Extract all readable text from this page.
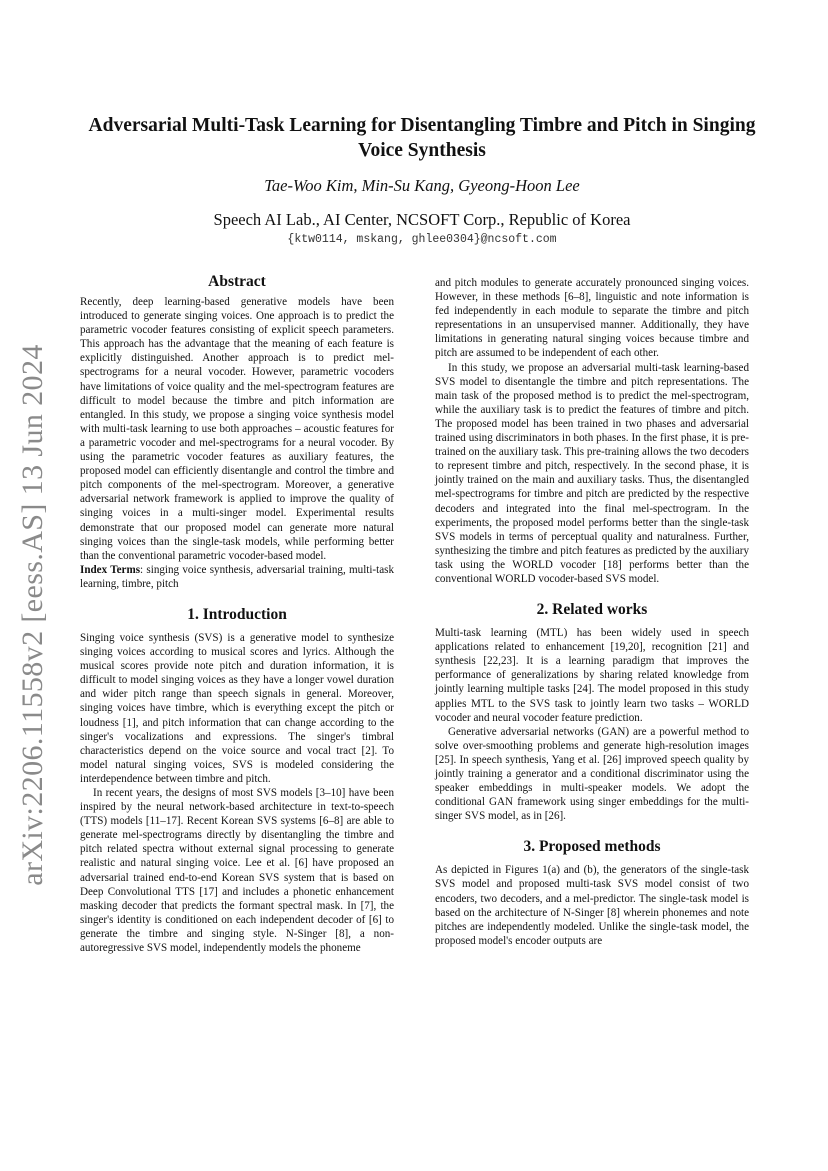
arXiv:2206.11558v2 [eess.AS] 13 Jun 2024
Adversarial Multi-Task Learning for Disentangling Timbre and Pitch in Singing Voice Synthesis

Tae-Woo Kim, Min-Su Kang, Gyeong-Hoon Lee

Speech AI Lab., AI Center, NCSOFT Corp., Republic of Korea

{ktw0114, mskang, ghlee0304}@ncsoft.com

Abstract

Recently, deep learning-based generative models have been introduced to generate singing voices. One approach is to predict the parametric vocoder features consisting of explicit speech parameters. This approach has the advantage that the meaning of each feature is explicitly distinguished. Another approach is to predict mel-spectrograms for a neural vocoder. However, parametric vocoders have limitations of voice quality and the mel-spectrogram features are difficult to model because the timbre and pitch information are entangled. In this study, we propose a singing voice synthesis model with multi-task learning to use both approaches – acoustic features for a parametric vocoder and mel-spectrograms for a neural vocoder. By using the parametric vocoder features as auxiliary features, the proposed model can efficiently disentangle and control the timbre and pitch components of the mel-spectrogram. Moreover, a generative adversarial network framework is applied to improve the quality of singing voices in a multi-singer model. Experimental results demonstrate that our proposed model can generate more natural singing voices than the single-task models, while performing better than the conventional parametric vocoder-based model.

Index Terms: singing voice synthesis, adversarial training, multi-task learning, timbre, pitch

1. Introduction

Singing voice synthesis (SVS) is a generative model to synthesize singing voices according to musical scores and lyrics. Although the musical scores provide note pitch and duration information, it is difficult to model singing voices as they have a longer vowel duration and wider pitch range than speech signals in general. Moreover, singing voices have timbre, which is everything except the pitch or loudness [1], and pitch information that can change according to the singer's vocalizations and expressions. The singer's timbral characteristics depend on the voice source and vocal tract [2]. To model natural singing voices, SVS is modeled considering the interdependence between timbre and pitch.

In recent years, the designs of most SVS models [3–10] have been inspired by the neural network-based architecture in text-to-speech (TTS) models [11–17]. Recent Korean SVS systems [6–8] are able to generate mel-spectrograms directly by disentangling the timbre and pitch related spectra without external signal processing to generate realistic and natural singing voice. Lee et al. [6] have proposed an adversarial trained end-to-end Korean SVS system that is based on Deep Convolutional TTS [17] and includes a phonetic enhancement masking decoder that predicts the formant spectral mask. In [7], the singer's identity is conditioned on each independent decoder of [6] to generate the timbre and singing style. N-Singer [8], a non-autoregressive SVS model, independently models the phoneme

and pitch modules to generate accurately pronounced singing voices. However, in these methods [6–8], linguistic and note information is fed independently in each module to separate the timbre and pitch representations in an unsupervised manner. Additionally, they have limitations in generating natural singing voices because timbre and pitch are assumed to be independent of each other.

In this study, we propose an adversarial multi-task learning-based SVS model to disentangle the timbre and pitch representations. The main task of the proposed method is to predict the mel-spectrogram, while the auxiliary task is to predict the features of timbre and pitch. The proposed model has been trained in two phases and adversarial trained using discriminators in both phases. In the first phase, it is pre-trained on the auxiliary task. This pre-training allows the two decoders to represent timbre and pitch, respectively. In the second phase, it is jointly trained on the main and auxiliary tasks. Thus, the disentangled mel-spectrograms for timbre and pitch are predicted by the respective decoders and integrated into the final mel-spectrogram. In the experiments, the proposed model performs better than the single-task SVS models in terms of perceptual quality and naturalness. Further, synthesizing the timbre and pitch features as predicted by the auxiliary task using the WORLD vocoder [18] performs better than the conventional WORLD vocoder-based SVS model.

2. Related works

Multi-task learning (MTL) has been widely used in speech applications related to enhancement [19,20], recognition [21] and synthesis [22,23]. It is a learning paradigm that improves the performance of generalizations by sharing related knowledge from jointly learning multiple tasks [24]. The model proposed in this study applies MTL to the SVS task to jointly learn two tasks – WORLD vocoder and neural vocoder feature prediction.

Generative adversarial networks (GAN) are a powerful method to solve over-smoothing problems and generate high-resolution images [25]. In speech synthesis, Yang et al. [26] improved speech quality by jointly training a generator and a conditional discriminator using the speaker embeddings in multi-speaker models. We adopt the conditional GAN framework using singer embeddings for the multi-singer SVS model, as in [26].

3. Proposed methods

As depicted in Figures 1(a) and (b), the generators of the single-task SVS model and proposed multi-task SVS model consist of two encoders, two decoders, and a mel-predictor. The single-task model is based on the architecture of N-Singer [8] wherein phonemes and note pitches are independently modeled. Unlike the single-task model, the proposed model's encoder outputs are
